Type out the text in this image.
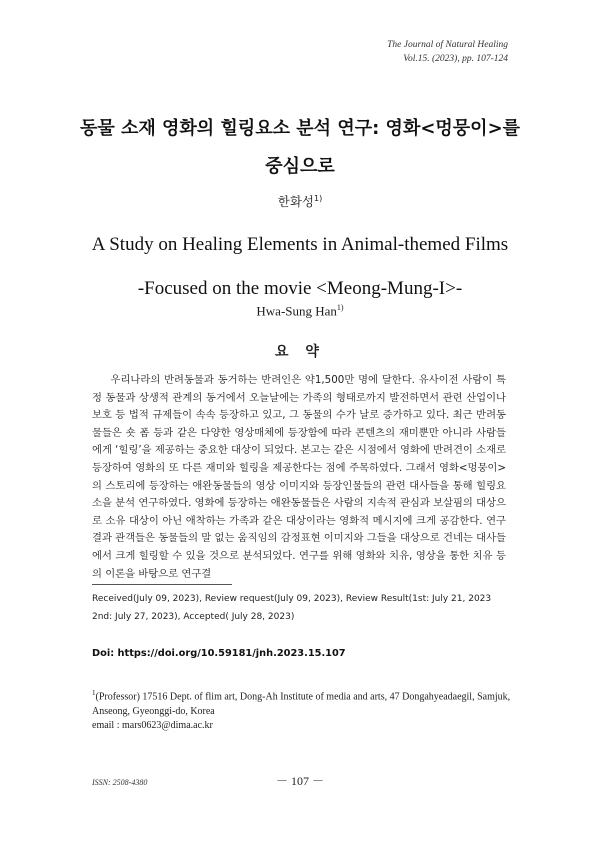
The Journal of Natural Healing
Vol.15. (2023), pp. 107-124
동물 소재 영화의 힐링요소 분석 연구: 영화<멍뭉이>를 중심으로
한화성$^{1)}$
A Study on Healing Elements in Animal-themed Films
-Focused on the movie <Meong-Mung-I>-
Hwa-Sung Han$^{1)}$
요 약
우리나라의 반려동물과 동거하는 반려인은 약1,500만 명에 달한다. 유사이전 사람이 특정 동물과 상생적 관계의 동거에서 오늘날에는 가족의 형태로까지 발전하면서 관련 산업이나 보호 등 법적 규제들이 속속 등장하고 있고, 그 동물의 수가 날로 증가하고 있다. 최근 반려동물들은 숏 폼 등과 같은 다양한 영상매체에 등장함에 따라 콘텐츠의 재미뿐만 아니라 사람들에게 ‘힐링’을 제공하는 중요한 대상이 되었다. 본고는 같은 시점에서 영화에 반려견이 소재로 등장하여 영화의 또 다른 재미와 힐링을 제공한다는 점에 주목하였다. 그래서 영화<멍뭉이>의 스토리에 등장하는 애완동물들의 영상 이미지와 등장인물들의 관련 대사들을 통해 힐링요소을 분석 연구하였다. 영화에 등장하는 애완동물들은 사람의 지속적 관심과 보살핌의 대상으로 소유 대상이 아닌 애착하는 가족과 같은 대상이라는 영화적 메시지에 크게 공감한다. 연구결과 관객들은 동물들의 말 없는 움직임의 감정표현 이미지와 그들을 대상으로 건네는 대사들에서 크게 힐링할 수 있을 것으로 분석되었다. 연구를 위해 영화와 치유, 영상을 통한 치유 등의 이론을 바탕으로 연구결
Received(July 09, 2023), Review request(July 09, 2023), Review Result(1st: July 21, 2023 2nd: July 27, 2023), Accepted( July 28, 2023)
Doi: https://doi.org/10.59181/jnh.2023.15.107
$^1$(Professor) 17516 Dept. of flim art, Dong-Ah Institute of media and arts, 47 Dongahyeadaegil, Samjuk, Anseong, Gyeonggi-do, Korea
email : mars0623@dima.ac.kr
ISSN: 2508-4380	－ 107 －
